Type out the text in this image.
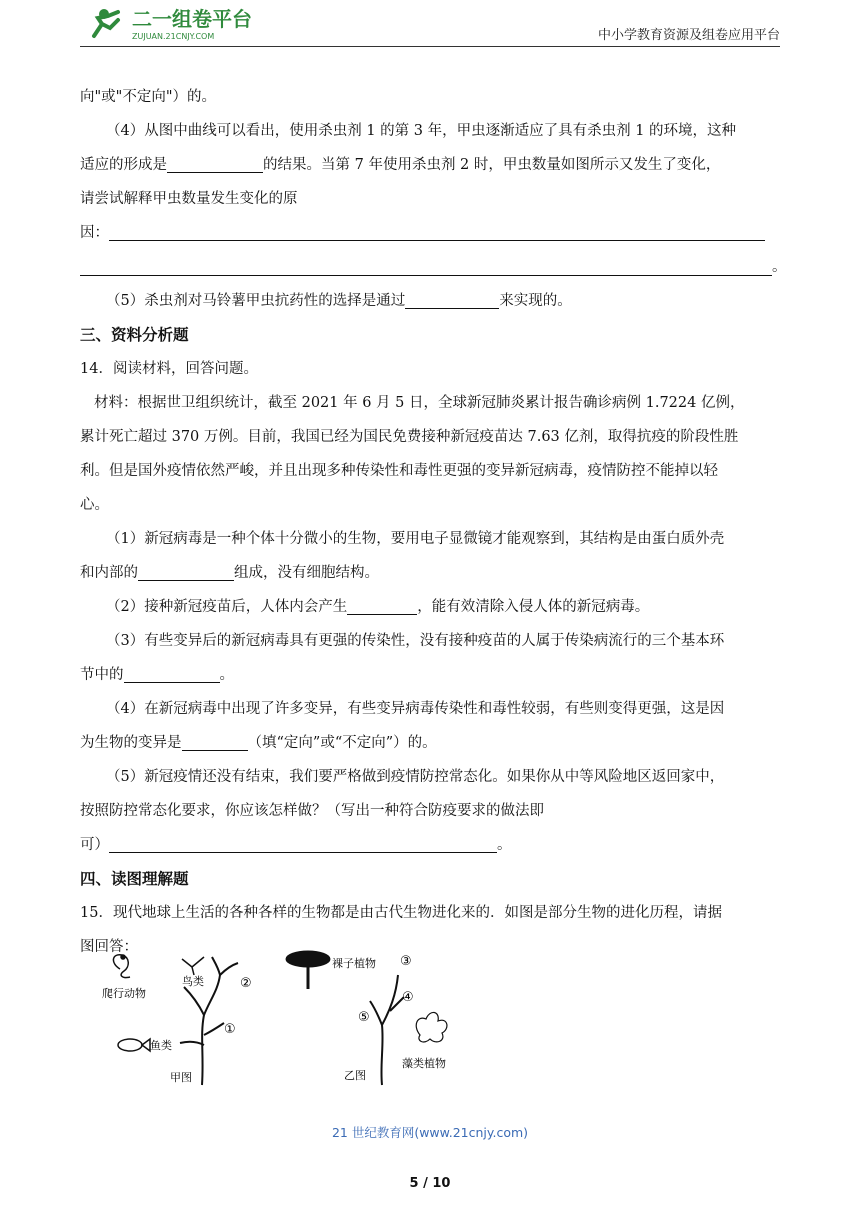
二一组卷平台
ZUJUAN.21CNJY.COM	中小学教育资源及组卷应用平台
向"或"不定向"）的。
（4）从图中曲线可以看出，使用杀虫剂 1 的第 3 年，甲虫逐渐适应了具有杀虫剂 1 的环境，这种
适应的形成是	的结果。当第 7 年使用杀虫剂 2 时，甲虫数量如图所示又发生了变化，
请尝试解释甲虫数量发生变化的原
因：
。
（5）杀虫剂对马铃薯甲虫抗药性的选择是通过	来实现的。
三、资料分析题
14．阅读材料，回答问题。
材料：根据世卫组织统计，截至 2021 年 6 月 5 日，全球新冠肺炎累计报告确诊病例 1.7224 亿例，
累计死亡超过 370 万例。目前，我国已经为国民免费接种新冠疫苗达 7.63 亿剂，取得抗疫的阶段性胜
利。但是国外疫情依然严峻，并且出现多种传染性和毒性更强的变异新冠病毒，疫情防控不能掉以轻
心。
（1）新冠病毒是一种个体十分微小的生物，要用电子显微镜才能观察到，其结构是由蛋白质外壳
和内部的	组成，没有细胞结构。
（2）接种新冠疫苗后，人体内会产生	，能有效清除入侵人体的新冠病毒。
（3）有些变异后的新冠病毒具有更强的传染性，没有接种疫苗的人属于传染病流行的三个基本环
节中的	。
（4）在新冠病毒中出现了许多变异，有些变异病毒传染性和毒性较弱，有些则变得更强，这是因
为生物的变异是	（填“定向”或“不定向”）的。
（5）新冠疫情还没有结束，我们要严格做到疫情防控常态化。如果你从中等风险地区返回家中，
按照防控常态化要求，你应该怎样做？（写出一种符合防疫要求的做法即
可）	。
四、读图理解题
15．现代地球上生活的各种各样的生物都是由古代生物进化来的．如图是部分生物的进化历程，请据
图回答：
爬行动物
鸟类
鱼类
甲图
②
①
裸子植物
藻类植物
乙图
③
④
⑤
21 世纪教育网(www.21cnjy.com)
5 / 10
